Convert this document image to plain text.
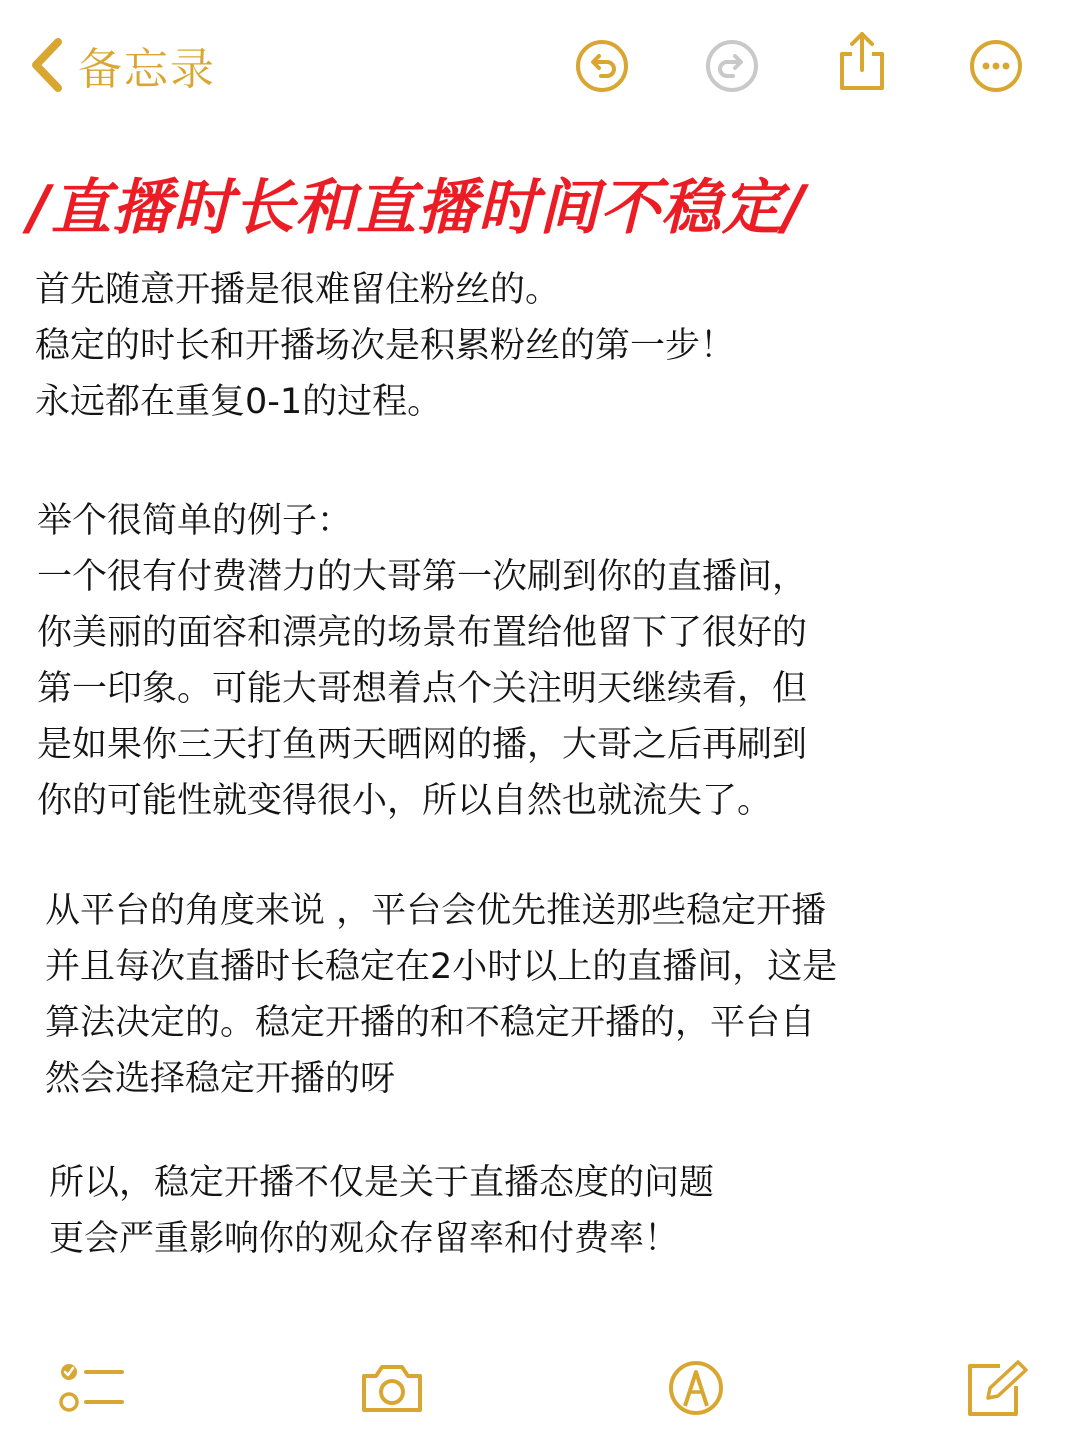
备忘录
/直播时长和直播时间不稳定/

首先随意开播是很难留住粉丝的。
稳定的时长和开播场次是积累粉丝的第一步！
永远都在重复0-1的过程。

举个很简单的例子：
一个很有付费潜力的大哥第一次刷到你的直播间，
你美丽的面容和漂亮的场景布置给他留下了很好的
第一印象。可能大哥想着点个关注明天继续看，但
是如果你三天打鱼两天晒网的播，大哥之后再刷到
你的可能性就变得很小，所以自然也就流失了。

从平台的角度来说 ，平台会优先推送那些稳定开播
并且每次直播时长稳定在2小时以上的直播间，这是
算法决定的。稳定开播的和不稳定开播的，平台自
然会选择稳定开播的呀

所以，稳定开播不仅是关于直播态度的问题
更会严重影响你的观众存留率和付费率！
